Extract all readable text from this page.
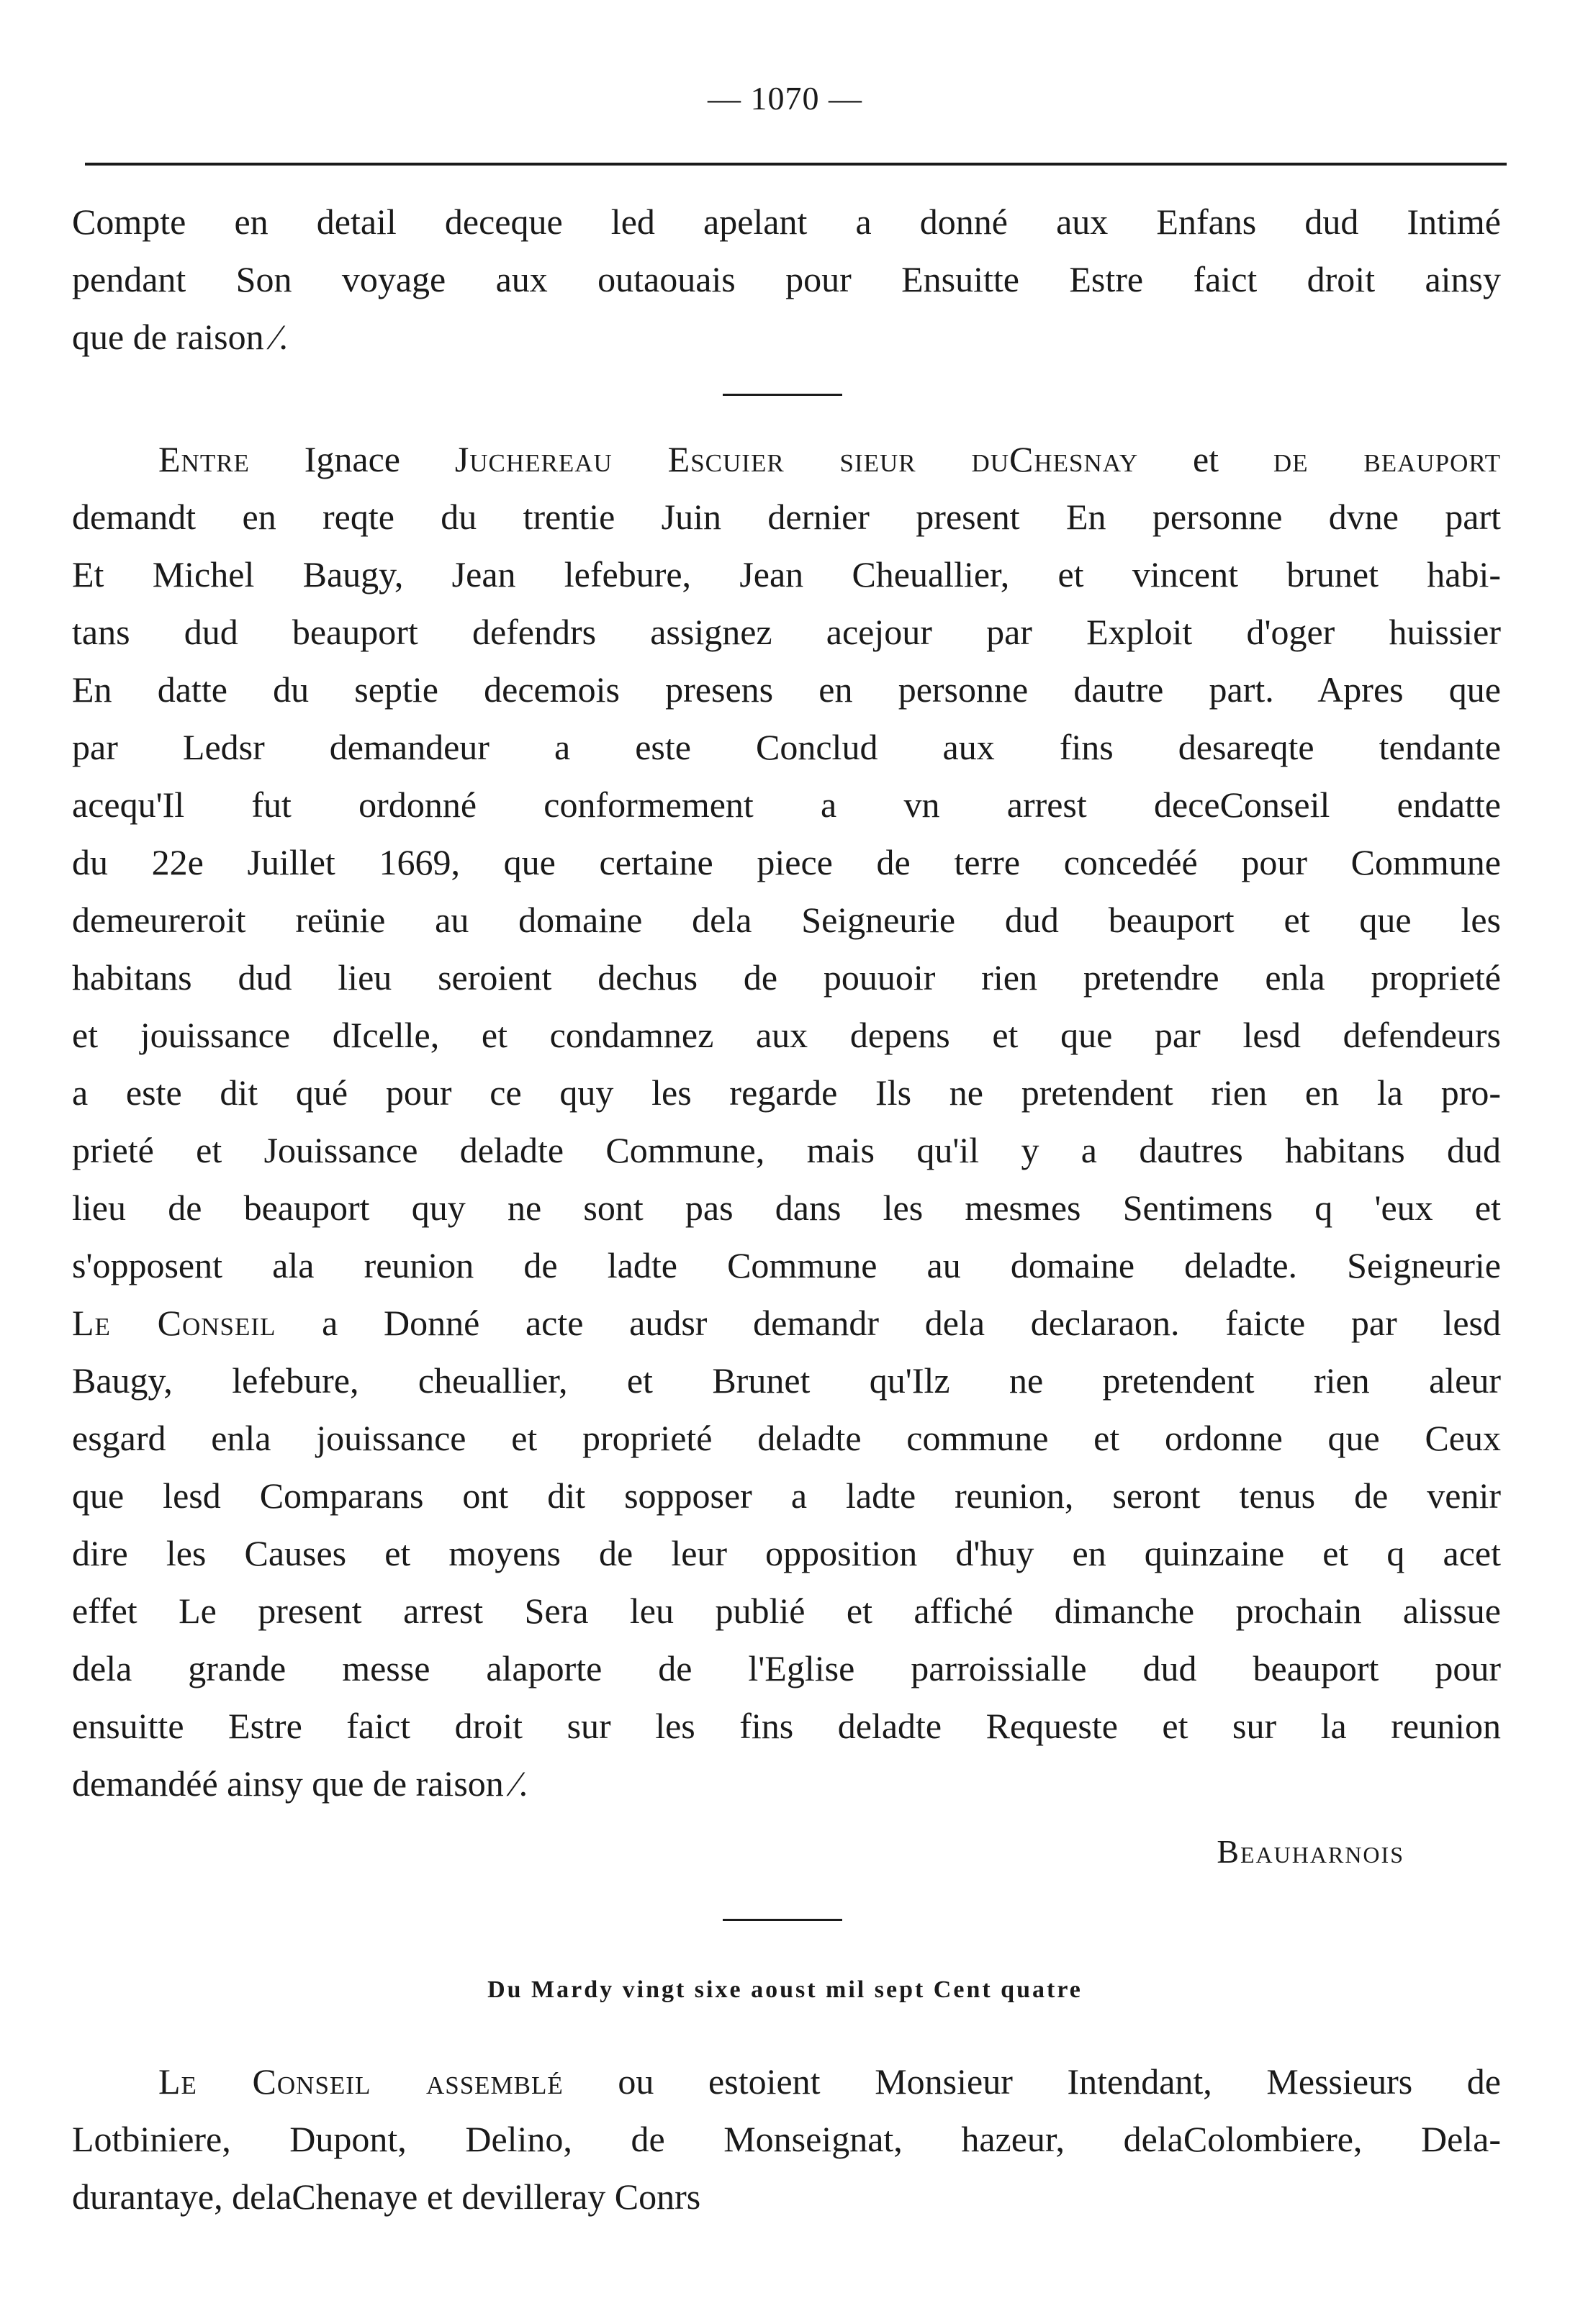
— 1070 —
Compte en detail deceque led apelant a donné aux Enfans dud Intimé
pendant Son voyage aux outaouais pour Ensuitte Estre faict droit ainsy
que de raison ⁄.
Entre Ignace Juchereau Escuier sieur duChesnay et de beauport
demandt en reqte du trentie Juin dernier present En personne dvne part
Et Michel Baugy, Jean lefebure, Jean Cheuallier, et vincent brunet habi-
tans dud beauport defendrs assignez acejour par Exploit d'oger huissier
En datte du septie decemois presens en personne dautre part. Apres que
par Ledsr demandeur a este Conclud aux fins desareqte tendante
acequ'Il fut ordonné conformement a vn arrest deceConseil endatte
du 22e Juillet 1669, que certaine piece de terre concedéé pour Commune
demeureroit reünie au domaine dela Seigneurie dud beauport et que les
habitans dud lieu seroient dechus de pouuoir rien pretendre enla proprieté
et jouissance dIcelle, et condamnez aux depens et que par lesd defendeurs
a este dit qué pour ce quy les regarde Ils ne pretendent rien en la pro-
prieté et Jouissance deladte Commune, mais qu'il y a dautres habitans dud
lieu de beauport quy ne sont pas dans les mesmes Sentimens q 'eux et
s'opposent ala reunion de ladte Commune au domaine deladte. Seigneurie
Le Conseil a Donné acte audsr demandr dela declaraon. faicte par lesd
Baugy, lefebure, cheuallier, et Brunet qu'Ilz ne pretendent rien aleur
esgard enla jouissance et proprieté deladte commune et ordonne que Ceux
que lesd Comparans ont dit sopposer a ladte reunion, seront tenus de venir
dire les Causes et moyens de leur opposition d'huy en quinzaine et q acet
effet Le present arrest Sera leu publié et affiché dimanche prochain alissue
dela grande messe alaporte de l'Eglise parroissialle dud beauport pour
ensuitte Estre faict droit sur les fins deladte Requeste et sur la reunion
demandéé ainsy que de raison ⁄.
Beauharnois
Du Mardy vingt sixe aoust mil sept Cent quatre
Le Conseil assemblé ou estoient Monsieur Intendant, Messieurs de
Lotbiniere, Dupont, Delino, de Monseignat, hazeur, delaColombiere, Dela-
durantaye, delaChenaye et devilleray Conrs
